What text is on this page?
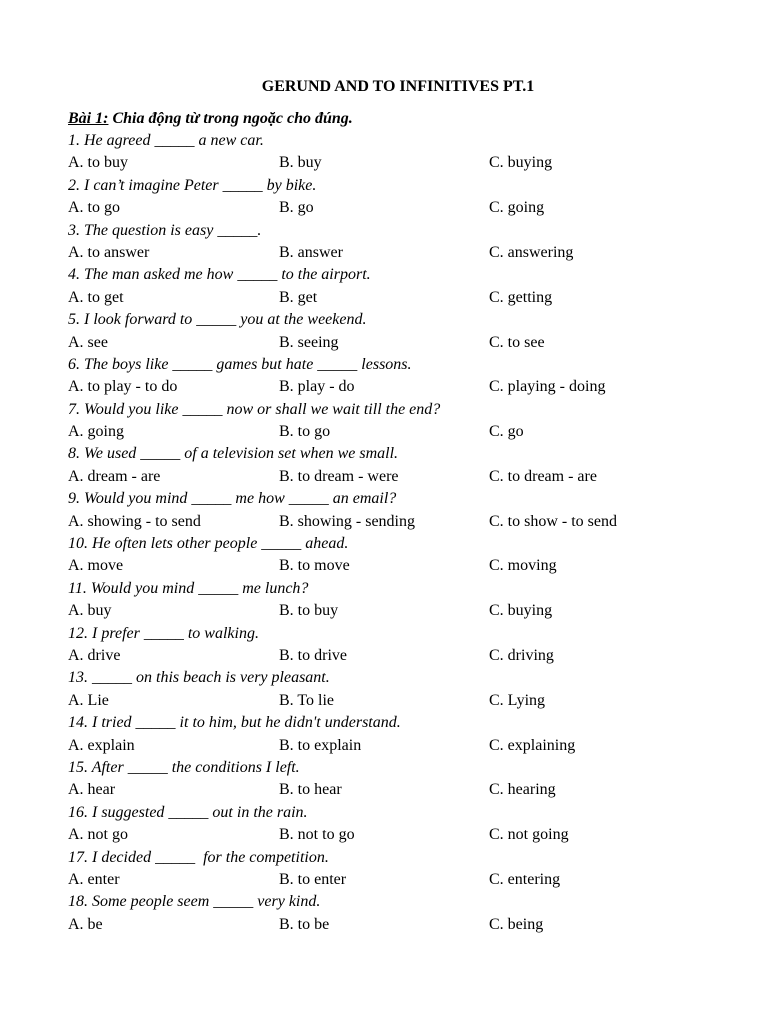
GERUND AND TO INFINITIVES PT.1
Bài 1: Chia động từ trong ngoặc cho đúng.
1. He agreed _____ a new car.
A. to buy	B. buy	C. buying
2. I can’t imagine Peter _____ by bike.
A. to go	B. go	C. going
3. The question is easy _____.
A. to answer	B. answer	C. answering
4. The man asked me how _____ to the airport.
A. to get	B. get	C. getting
5. I look forward to _____ you at the weekend.
A. see	B. seeing	C. to see
6. The boys like _____ games but hate _____ lessons.
A. to play - to do	B. play - do	C. playing - doing
7. Would you like _____ now or shall we wait till the end?
A. going	B. to go	C. go
8. We used _____ of a television set when we small.
A. dream - are	B. to dream - were	C. to dream - are
9. Would you mind _____ me how _____ an email?
A. showing - to send	B. showing - sending	C. to show - to send
10. He often lets other people _____ ahead.
A. move	B. to move	C. moving
11. Would you mind _____ me lunch?
A. buy	B. to buy	C. buying
12. I prefer _____ to walking.
A. drive	B. to drive	C. driving
13. _____ on this beach is very pleasant.
A. Lie	B. To lie	C. Lying
14. I tried _____ it to him, but he didn't understand.
A. explain	B. to explain	C. explaining
15. After _____ the conditions I left.
A. hear	B. to hear	C. hearing
16. I suggested _____ out in the rain.
A. not go	B. not to go	C. not going
17. I decided _____  for the competition.
A. enter	B. to enter	C. entering
18. Some people seem _____ very kind.
A. be	B. to be	C. being
